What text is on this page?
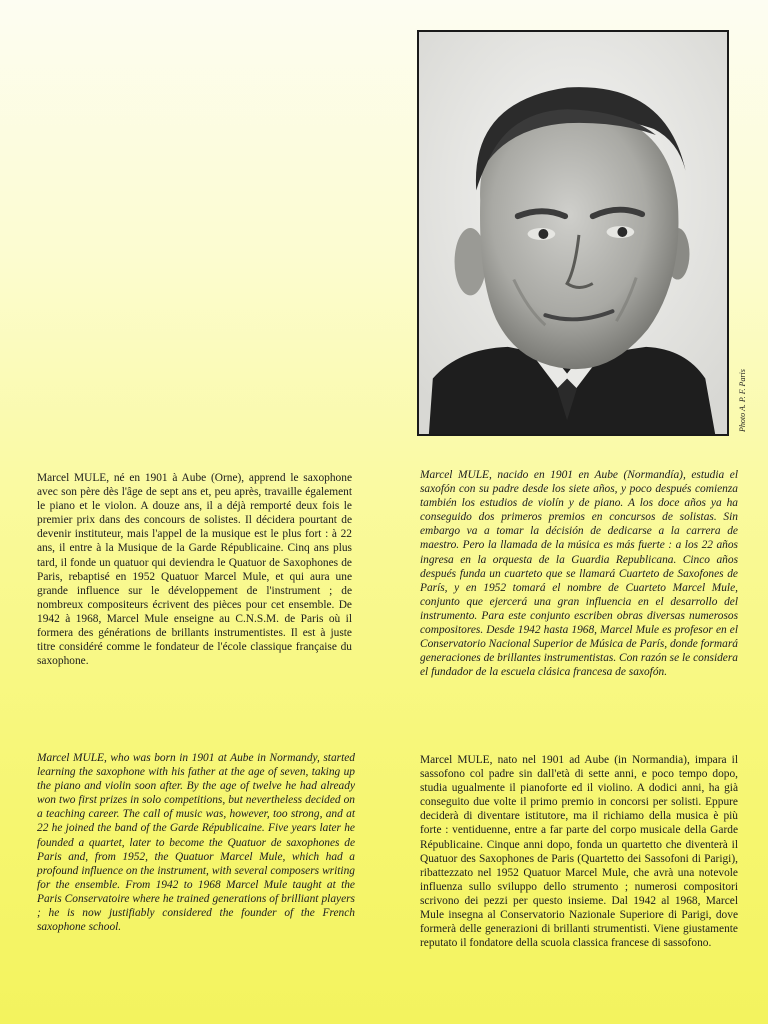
Photo A. P. F. Paris

Marcel MULE, né en 1901 à Aube (Orne), apprend le saxophone avec son père dès l'âge de sept ans et, peu après, travaille également le piano et le violon. A douze ans, il a déjà remporté deux fois le premier prix dans des concours de solistes. Il décidera pourtant de devenir instituteur, mais l'appel de la musique est le plus fort : à 22 ans, il entre à la Musique de la Garde Républicaine. Cinq ans plus tard, il fonde un quatuor qui deviendra le Quatuor de Saxophones de Paris, rebaptisé en 1952 Quatuor Marcel Mule, et qui aura une grande influence sur le développement de l'instrument ; de nombreux compositeurs écrivent des pièces pour cet ensemble. De 1942 à 1968, Marcel Mule enseigne au C.N.S.M. de Paris où il formera des générations de brillants instrumentistes. Il est à juste titre considéré comme le fondateur de l'école classique française du saxophone.

Marcel MULE, nacido en 1901 en Aube (Normandía), estudia el saxofón con su padre desde los siete años, y poco después comienza también los estudios de violín y de piano. A los doce años ya ha conseguido dos primeros premios en concursos de solistas. Sin embargo va a tomar la décisión de dedicarse a la carrera de maestro. Pero la llamada de la música es más fuerte : a los 22 años ingresa en la orquesta de la Guardia Republicana. Cinco años después funda un cuarteto que se llamará Cuarteto de Saxofones de París, y en 1952 tomará el nombre de Cuarteto Marcel Mule, conjunto que ejercerá una gran influencia en el desarrollo del instrumento. Para este conjunto escriben obras diversas numerosos compositores. Desde 1942 hasta 1968, Marcel Mule es profesor en el Conservatorio Nacional Superior de Música de París, donde formará generaciones de brillantes instrumentistas. Con razón se le considera el fundador de la escuela clásica francesa de saxofón.

Marcel MULE, who was born in 1901 at Aube in Normandy, started learning the saxophone with his father at the age of seven, taking up the piano and violin soon after. By the age of twelve he had already won two first prizes in solo competitions, but nevertheless decided on a teaching career. The call of music was, however, too strong, and at 22 he joined the band of the Garde Républicaine. Five years later he founded a quartet, later to become the Quatuor de saxophones de Paris and, from 1952, the Quatuor Marcel Mule, which had a profound influence on the instrument, with several composers writing for the ensemble. From 1942 to 1968 Marcel Mule taught at the Paris Conservatoire where he trained generations of brilliant players ; he is now justifiably considered the founder of the French saxophone school.

Marcel MULE, nato nel 1901 ad Aube (in Normandia), impara il sassofono col padre sin dall'età di sette anni, e poco tempo dopo, studia ugualmente il pianoforte ed il violino. A dodici anni, ha già conseguito due volte il primo premio in concorsi per solisti. Eppure deciderà di diventare istitutore, ma il richiamo della musica è più forte : ventiduenne, entre a far parte del corpo musicale della Garde Républicaine. Cinque anni dopo, fonda un quartetto che diventerà il Quatuor des Saxophones de Paris (Quartetto dei Sassofoni di Parigi), ribattezzato nel 1952 Quatuor Marcel Mule, che avrà una notevole influenza sullo sviluppo dello strumento ; numerosi compositori scrivono dei pezzi per questo insieme. Dal 1942 al 1968, Marcel Mule insegna al Conservatorio Nazionale Superiore di Parigi, dove formerà delle generazioni di brillanti strumentisti. Viene giustamente reputato il fondatore della scuola classica francese di sassofono.
